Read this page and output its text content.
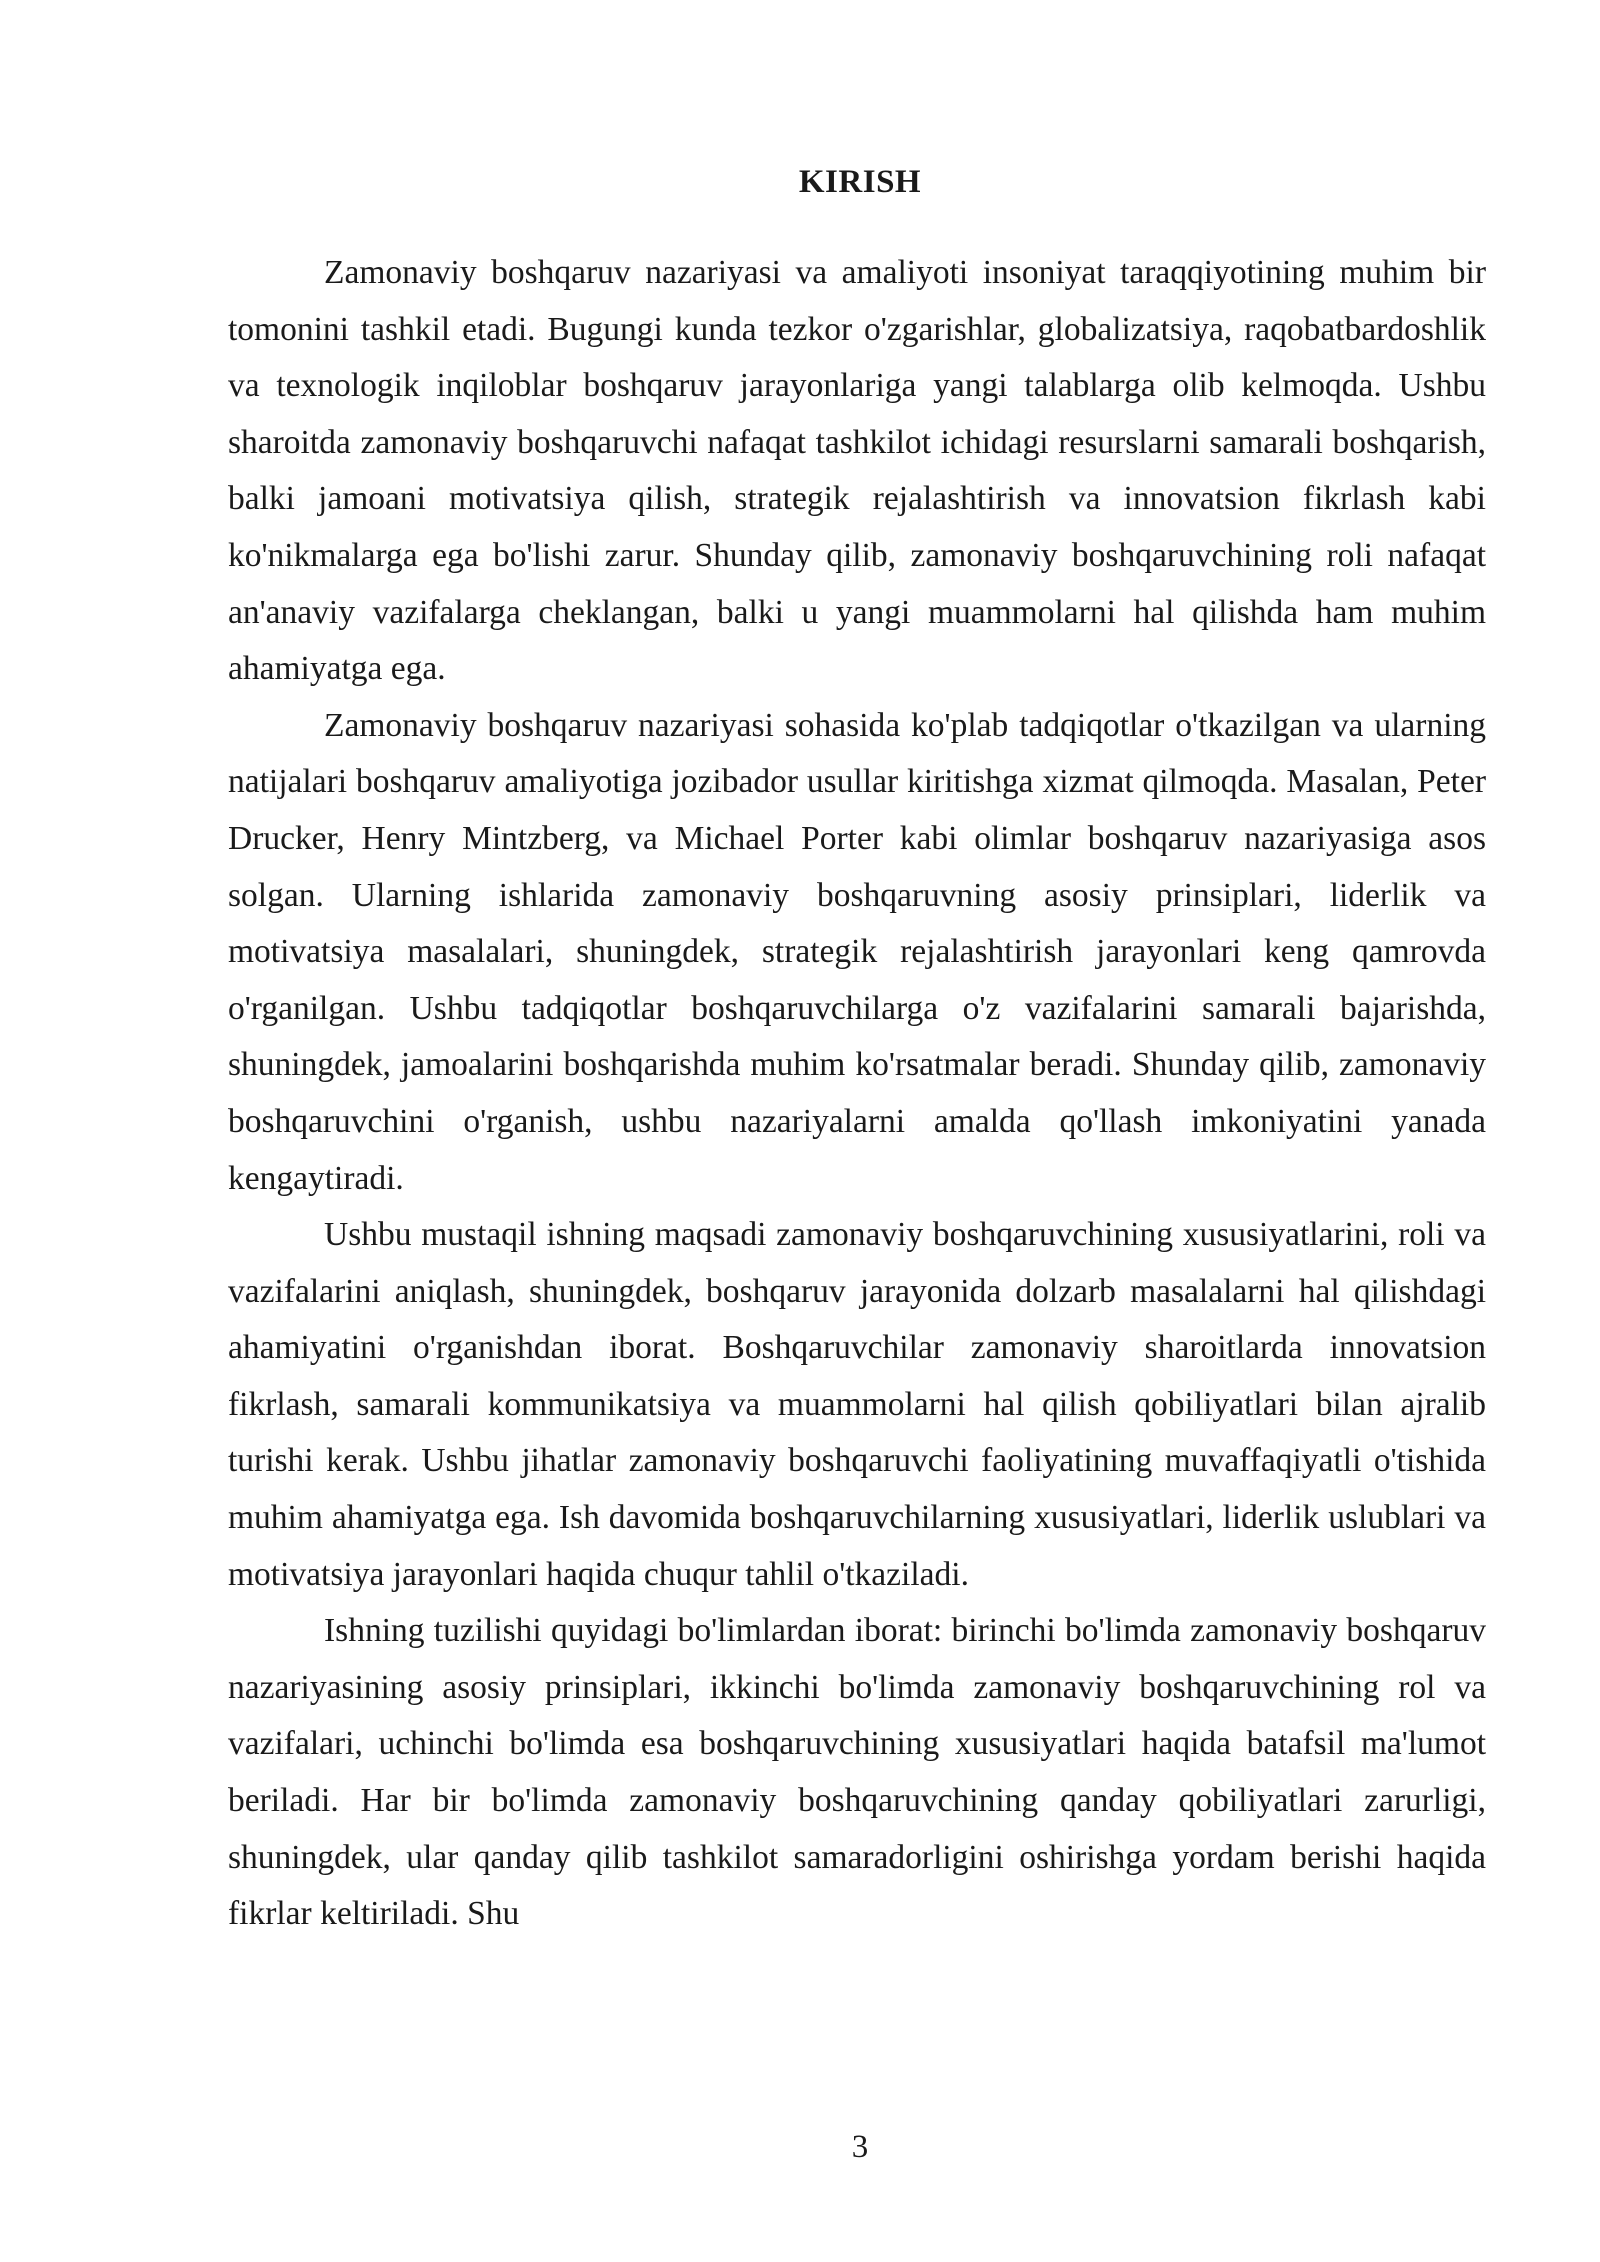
KIRISH

Zamonaviy boshqaruv nazariyasi va amaliyoti insoniyat taraqqiyotining muhim bir tomonini tashkil etadi. Bugungi kunda tezkor o'zgarishlar, globalizatsiya, raqobatbardoshlik va texnologik inqiloblar boshqaruv jarayonlariga yangi talablarga olib kelmoqda. Ushbu sharoitda zamonaviy boshqaruvchi nafaqat tashkilot ichidagi resurslarni samarali boshqarish, balki jamoani motivatsiya qilish, strategik rejalashtirish va innovatsion fikrlash kabi ko'nikmalarga ega bo'lishi zarur. Shunday qilib, zamonaviy boshqaruvchining roli nafaqat an'anaviy vazifalarga cheklangan, balki u yangi muammolarni hal qilishda ham muhim ahamiyatga ega.

Zamonaviy boshqaruv nazariyasi sohasida ko'plab tadqiqotlar o'tkazilgan va ularning natijalari boshqaruv amaliyotiga jozibador usullar kiritishga xizmat qilmoqda. Masalan, Peter Drucker, Henry Mintzberg, va Michael Porter kabi olimlar boshqaruv nazariyasiga asos solgan. Ularning ishlarida zamonaviy boshqaruvning asosiy prinsiplari, liderlik va motivatsiya masalalari, shuningdek, strategik rejalashtirish jarayonlari keng qamrovda o'rganilgan. Ushbu tadqiqotlar boshqaruvchilarga o'z vazifalarini samarali bajarishda, shuningdek, jamoalarini boshqarishda muhim ko'rsatmalar beradi. Shunday qilib, zamonaviy boshqaruvchini o'rganish, ushbu nazariyalarni amalda qo'llash imkoniyatini yanada kengaytiradi.

Ushbu mustaqil ishning maqsadi zamonaviy boshqaruvchining xususiyatlarini, roli va vazifalarini aniqlash, shuningdek, boshqaruv jarayonida dolzarb masalalarni hal qilishdagi ahamiyatini o'rganishdan iborat. Boshqaruvchilar zamonaviy sharoitlarda innovatsion fikrlash, samarali kommunikatsiya va muammolarni hal qilish qobiliyatlari bilan ajralib turishi kerak. Ushbu jihatlar zamonaviy boshqaruvchi faoliyatining muvaffaqiyatli o'tishida muhim ahamiyatga ega. Ish davomida boshqaruvchilarning xususiyatlari, liderlik uslublari va motivatsiya jarayonlari haqida chuqur tahlil o'tkaziladi.

Ishning tuzilishi quyidagi bo'limlardan iborat: birinchi bo'limda zamonaviy boshqaruv nazariyasining asosiy prinsiplari, ikkinchi bo'limda zamonaviy boshqaruvchining rol va vazifalari, uchinchi bo'limda esa boshqaruvchining xususiyatlari haqida batafsil ma'lumot beriladi. Har bir bo'limda zamonaviy boshqaruvchining qanday qobiliyatlari zarurligi, shuningdek, ular qanday qilib tashkilot samaradorligini oshirishga yordam berishi haqida fikrlar keltiriladi. Shu

3
